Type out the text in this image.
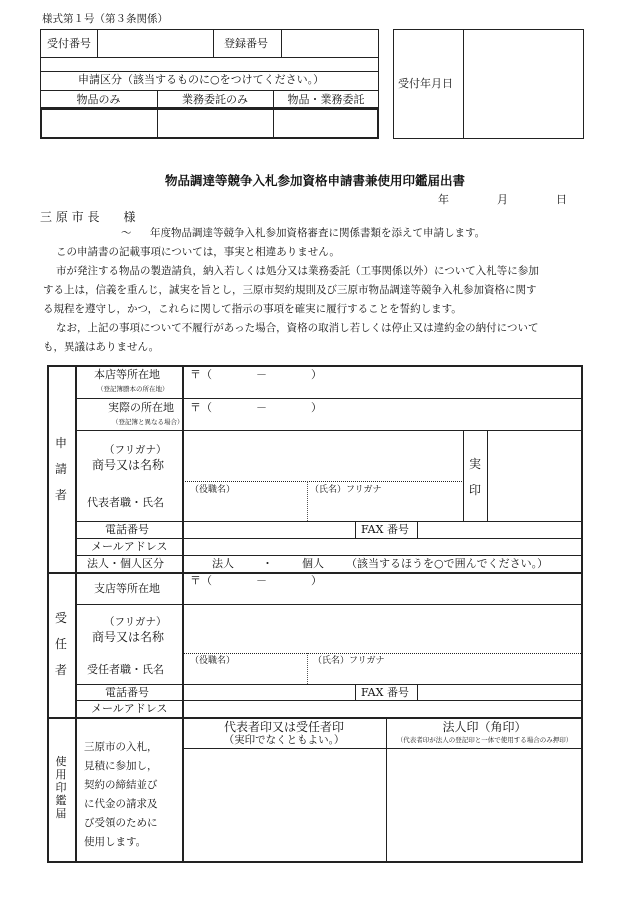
様式第１号（第３条関係）
受付番号	登録番号
申請区分（該当するものに○をつけてください。）
物品のみ	業務委託のみ	物品・業務委託
受付年月日
物品調達等競争入札参加資格申請書兼使用印鑑届出書
年	月	日
三 原 市 長　　様
～ 年度物品調達等競争入札参加資格審査に関係書類を添えて申請します。
この申請書の記載事項については，事実と相違ありません。
市が発注する物品の製造請負，納入若しくは処分又は業務委託（工事関係以外）について入札等に参加
する上は，信義を重んじ，誠実を旨とし，三原市契約規則及び三原市物品調達等競争入札参加資格に関す
る規程を遵守し，かつ，これらに関して指示の事項を確実に履行することを誓約します。
なお，上記の事項について不履行があった場合，資格の取消し若しくは停止又は違約金の納付について
も，異議はありません。
申
請
者
本店等所在地
（登記簿謄本の所在地）
〒（　　　　－　　　　）
実際の所在地
（登記簿と異なる場合）
〒（　　　　－　　　　）
（フリガナ）
商号又は名称
代表者職・氏名
（役職名）	（氏名）フリガナ
実
印
電話番号	FAX 番号
メールアドレス
法人・個人区分	法人	・	個人 （該当するほうを○で囲んでください。）
受
任
者
支店等所在地
〒（　　　　－　　　　）
（フリガナ）
商号又は名称
受任者職・氏名
（役職名）	（氏名）フリガナ
電話番号	FAX 番号
メールアドレス
使
用
印
鑑
届
三原市の入札，
見積に参加し，
契約の締結並び
に代金の請求及
び受領のために
使用します。
代表者印又は受任者印
（実印でなくともよい。）
法人印（角印）
（代表者印が法人の登記印と一体で使用する場合のみ押印）
